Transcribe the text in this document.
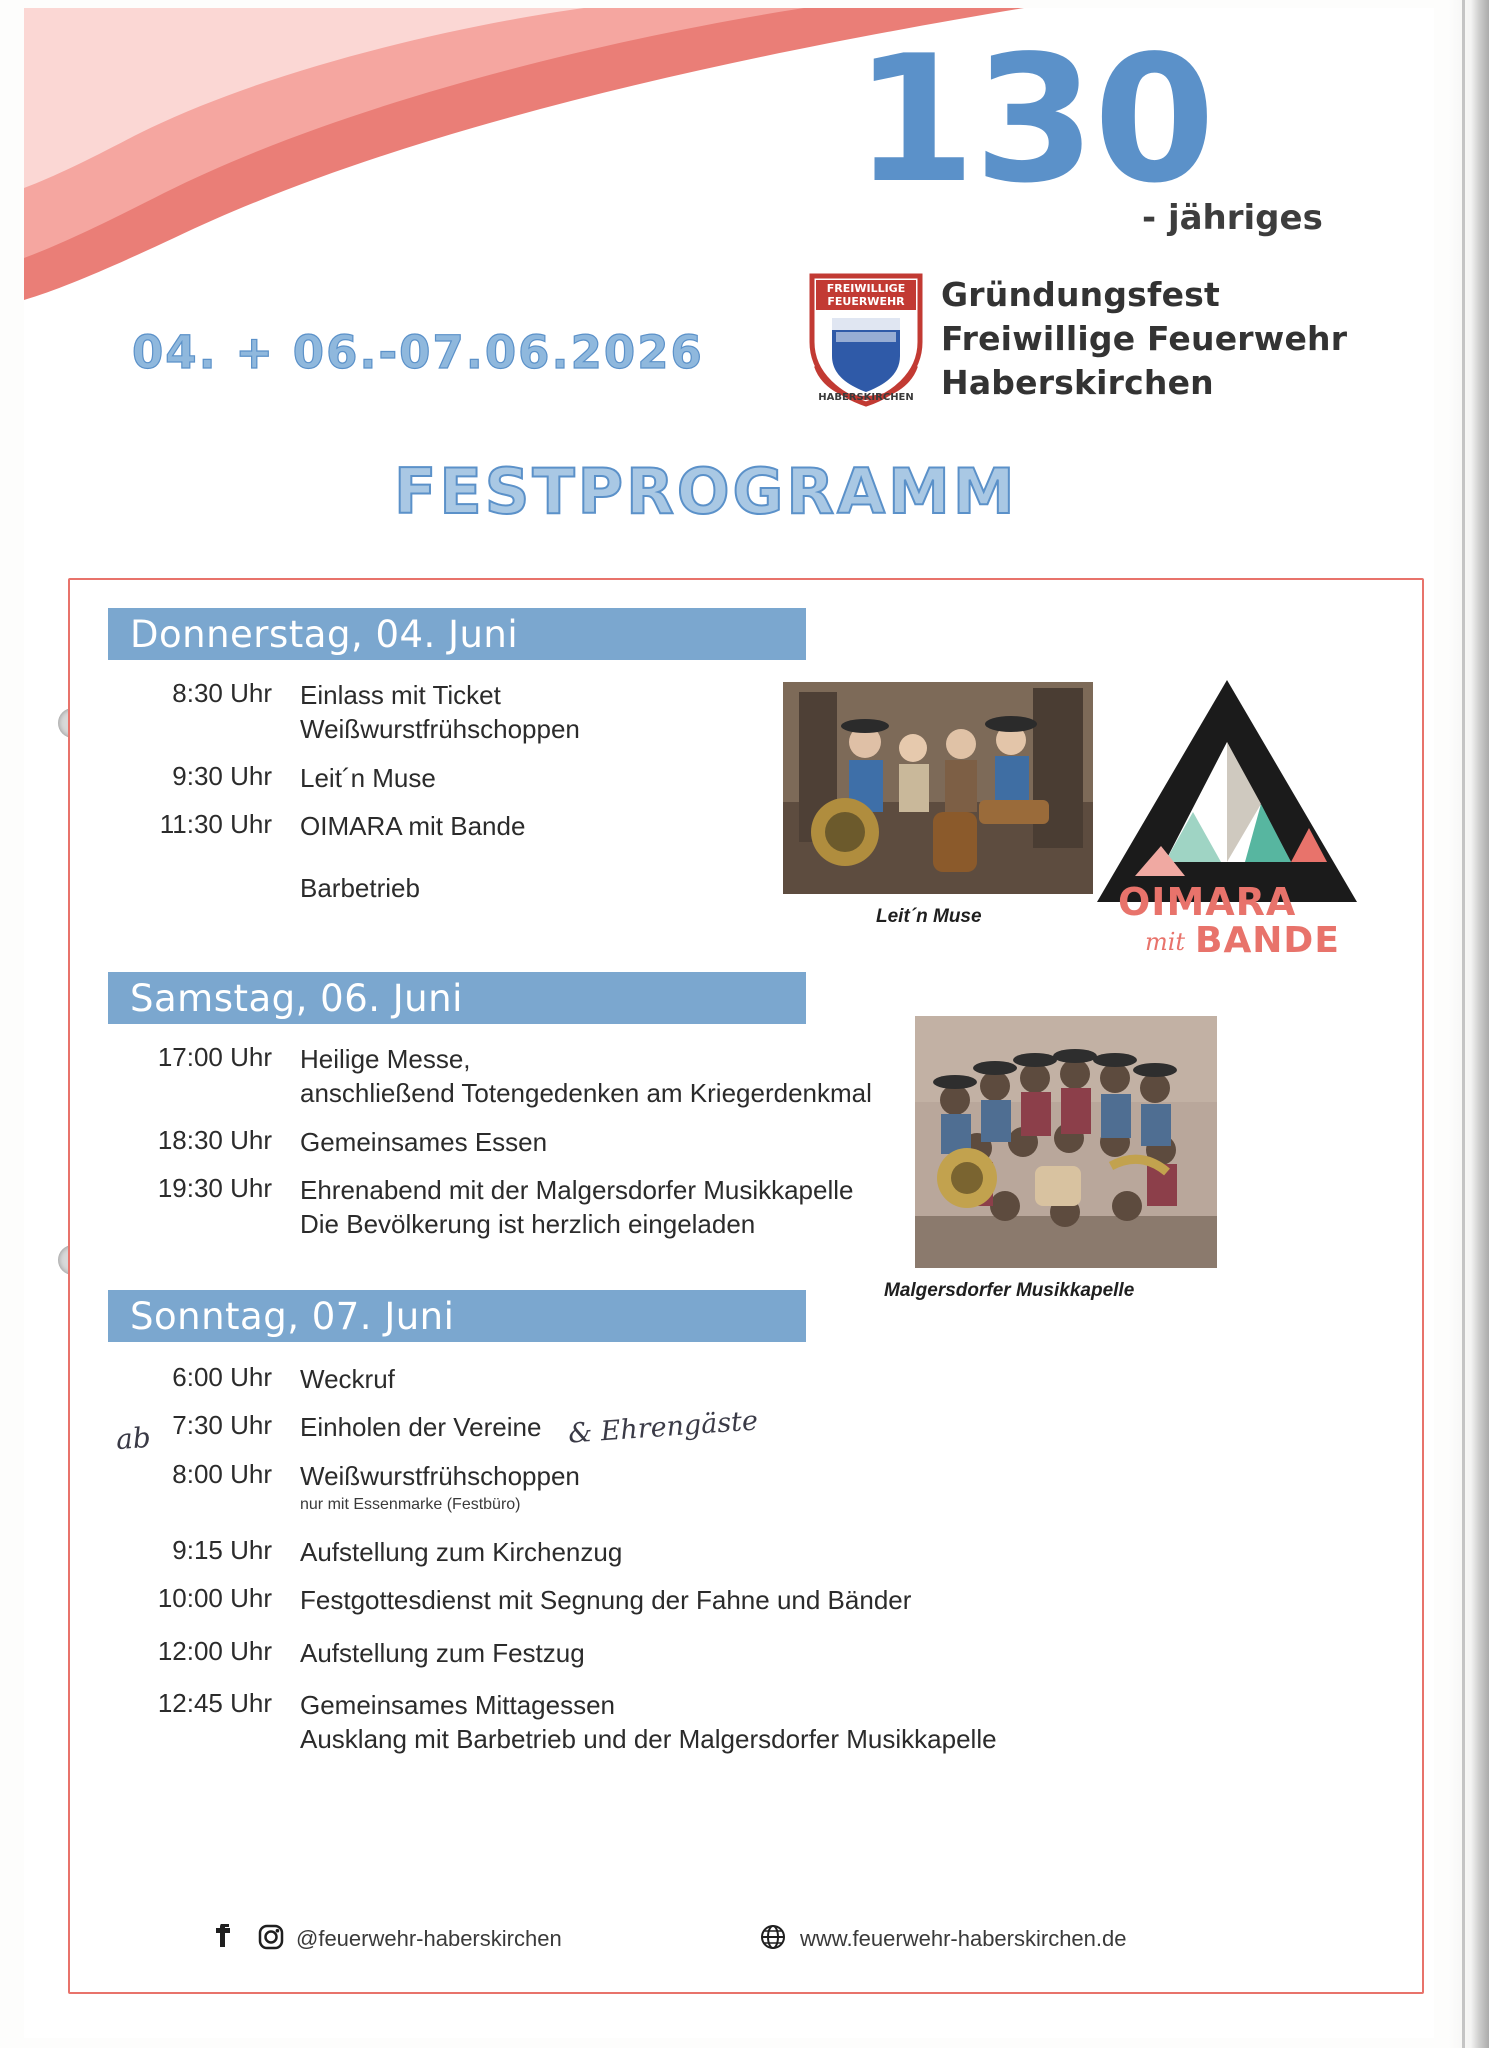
130
- jähriges
FREIWILLIGE
FEUERWEHR
HABERSKIRCHEN
Gründungsfest
Freiwillige Feuerwehr
Haberskirchen
04. + 06.-07.06.2026
FESTPROGRAMM
Donnerstag, 04. Juni
8:30 Uhr	Einlass mit Ticket
Weißwurstfrühschoppen
9:30 Uhr	Leit´n Muse
11:30 Uhr	OIMARA mit Bande
Barbetrieb
Leit´n Muse	OIMARA
mit BANDE
Samstag, 06. Juni
17:00 Uhr	Heilige Messe,
anschließend Totengedenken am Kriegerdenkmal
18:30 Uhr	Gemeinsames Essen
19:30 Uhr	Ehrenabend mit der Malgersdorfer Musikkapelle
Die Bevölkerung ist herzlich eingeladen
Sonntag, 07. Juni
6:00 Uhr	Weckruf
7:30 Uhr	Einholen der Vereine
8:00 Uhr	Weißwurstfrühschoppen
nur mit Essenmarke (Festbüro)
9:15 Uhr	Aufstellung zum Kirchenzug
10:00 Uhr	Festgottesdienst mit Segnung der Fahne und Bänder
12:00 Uhr	Aufstellung zum Festzug
12:45 Uhr	Gemeinsames Mittagessen
Ausklang mit Barbetrieb und der Malgersdorfer Musikkapelle
Malgersdorfer Musikkapelle
ab	& Ehrengäste
@feuerwehr-haberskirchen	www.feuerwehr-haberskirchen.de
